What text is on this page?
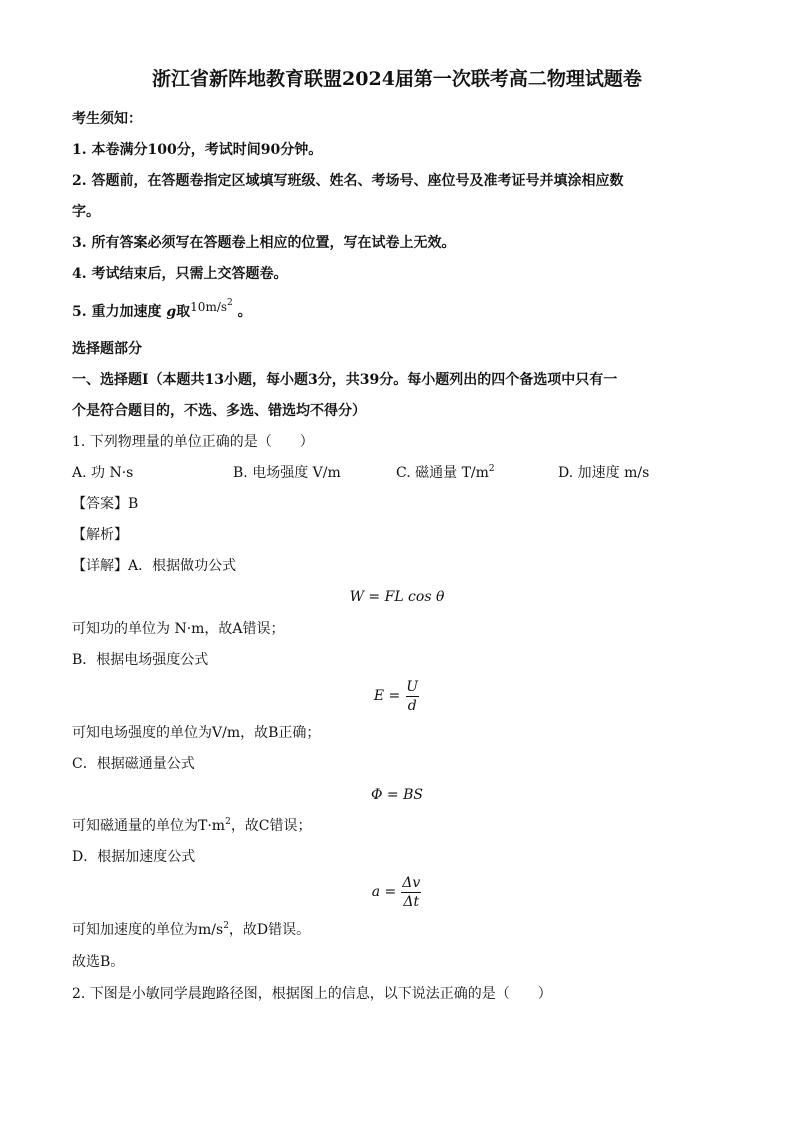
浙江省新阵地教育联盟2024届第一次联考高二物理试题卷
考生须知：
1. 本卷满分100分，考试时间90分钟。
2. 答题前，在答题卷指定区域填写班级、姓名、考场号、座位号及准考证号并填涂相应数
字。
3. 所有答案必须写在答题卷上相应的位置，写在试卷上无效。
4. 考试结束后，只需上交答题卷。
5. 重力加速度 g取$10m/s^2$ 。
选择题部分
一、选择题Ⅰ（本题共13小题，每小题3分，共39分。每小题列出的四个备选项中只有一
个是符合题目的，不选、多选、错选均不得分）
1. 下列物理量的单位正确的是（　　）
A. 功 N·s	B. 电场强度 V/m	C. 磁通量 $T/m^2$	D. 加速度 m/s
【答案】B
【解析】
【详解】A．根据做功公式
W = FL cos θ
可知功的单位为 N·m，故A错误；
B．根据电场强度公式
$E = \frac{U}{d}$
可知电场强度的单位为V/m，故B正确；
C．根据磁通量公式
Φ = BS
可知磁通量的单位为$T\cdot m^2$，故C错误；
D．根据加速度公式
$a = \frac{\Delta v}{\Delta t}$
可知加速度的单位为$m/s^2$，故D错误。
故选B。
2. 下图是小敏同学晨跑路径图，根据图上的信息，以下说法正确的是（　　）
